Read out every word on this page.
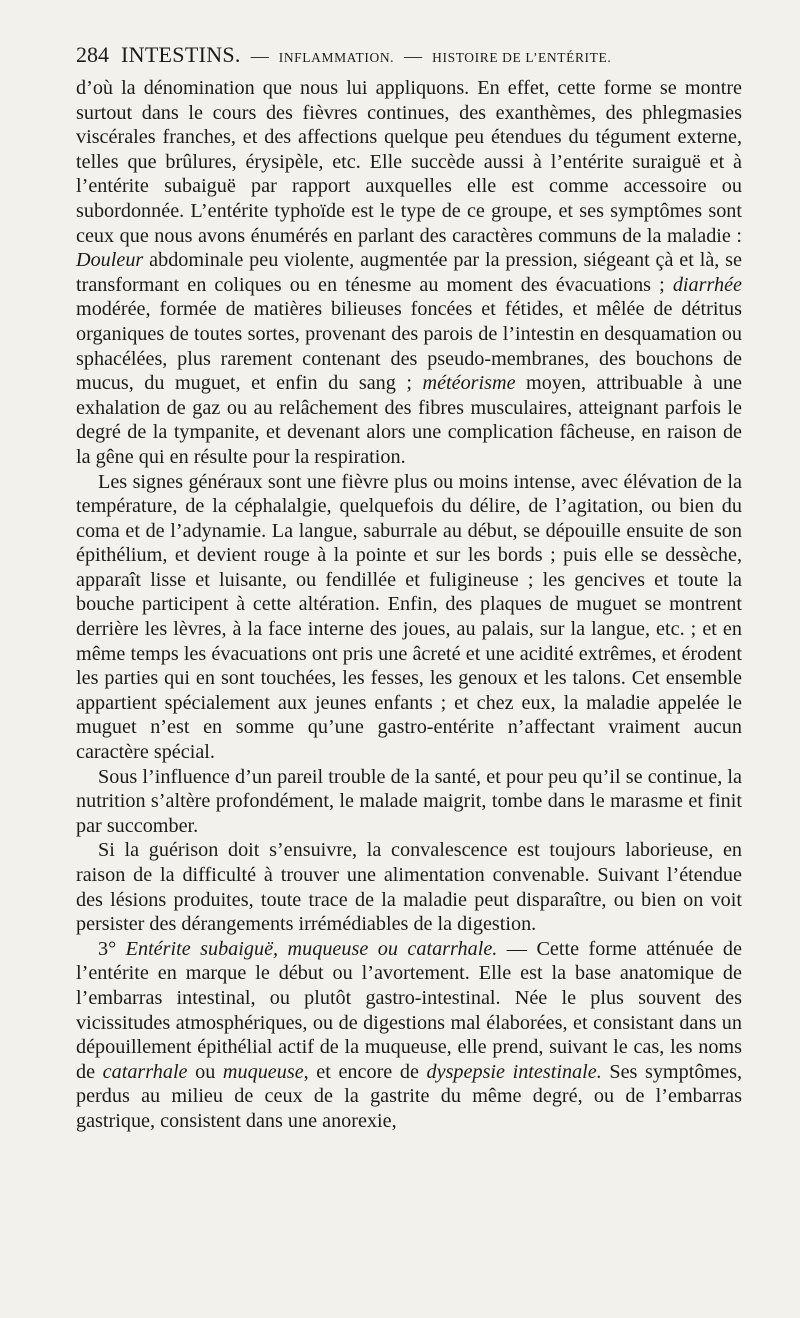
284 INTESTINS. — INFLAMMATION. — HISTOIRE DE L’ENTÉRITE.

d’où la dénomination que nous lui appliquons. En effet, cette forme se montre surtout dans le cours des fièvres continues, des exanthèmes, des phlegmasies viscérales franches, et des affections quelque peu étendues du tégument externe, telles que brûlures, érysipèle, etc. Elle succède aussi à l’entérite suraiguë et à l’entérite subaiguë par rapport auxquelles elle est comme accessoire ou subordonnée. L’entérite typhoïde est le type de ce groupe, et ses symptômes sont ceux que nous avons énumérés en parlant des caractères communs de la maladie : Douleur abdominale peu violente, augmentée par la pression, siégeant çà et là, se transformant en coliques ou en ténesme au moment des évacuations ; diarrhée modérée, formée de matières bilieuses foncées et fétides, et mêlée de détritus organiques de toutes sortes, provenant des parois de l’intestin en desquamation ou sphacélées, plus rarement contenant des pseudo-membranes, des bouchons de mucus, du muguet, et enfin du sang ; météorisme moyen, attribuable à une exhalation de gaz ou au relâchement des fibres musculaires, atteignant parfois le degré de la tympanite, et devenant alors une complication fâcheuse, en raison de la gêne qui en résulte pour la respiration.

Les signes généraux sont une fièvre plus ou moins intense, avec élévation de la température, de la céphalalgie, quelquefois du délire, de l’agitation, ou bien du coma et de l’adynamie. La langue, saburrale au début, se dépouille ensuite de son épithélium, et devient rouge à la pointe et sur les bords ; puis elle se dessèche, apparaît lisse et luisante, ou fendillée et fuligineuse ; les gencives et toute la bouche participent à cette altération. Enfin, des plaques de muguet se montrent derrière les lèvres, à la face interne des joues, au palais, sur la langue, etc. ; et en même temps les évacuations ont pris une âcreté et une acidité extrêmes, et érodent les parties qui en sont touchées, les fesses, les genoux et les talons. Cet ensemble appartient spécialement aux jeunes enfants ; et chez eux, la maladie appelée le muguet n’est en somme qu’une gastro-entérite n’affectant vraiment aucun caractère spécial.

Sous l’influence d’un pareil trouble de la santé, et pour peu qu’il se continue, la nutrition s’altère profondément, le malade maigrit, tombe dans le marasme et finit par succomber.

Si la guérison doit s’ensuivre, la convalescence est toujours laborieuse, en raison de la difficulté à trouver une alimentation convenable. Suivant l’étendue des lésions produites, toute trace de la maladie peut disparaître, ou bien on voit persister des dérangements irrémédiables de la digestion.

3° Entérite subaiguë, muqueuse ou catarrhale. — Cette forme atténuée de l’entérite en marque le début ou l’avortement. Elle est la base anatomique de l’embarras intestinal, ou plutôt gastro-intestinal. Née le plus souvent des vicissitudes atmosphériques, ou de digestions mal élaborées, et consistant dans un dépouillement épithélial actif de la muqueuse, elle prend, suivant le cas, les noms de catarrhale ou muqueuse, et encore de dyspepsie intestinale. Ses symptômes, perdus au milieu de ceux de la gastrite du même degré, ou de l’embarras gastrique, consistent dans une anorexie,
